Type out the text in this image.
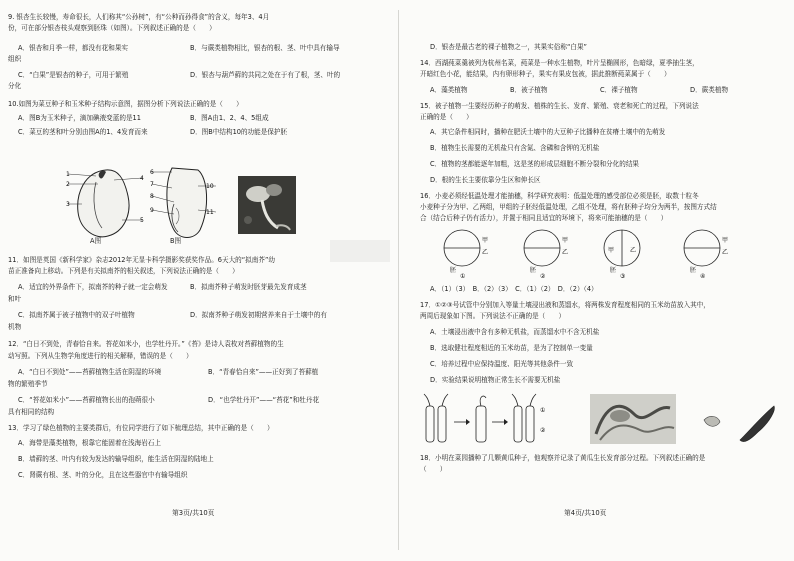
9. 银杏生长较慢，寿命很长，人们称其“公孙树”，有“公种而孙得食”的含义，每年3、4月
份，可在部分银杏枝头观察到胚珠（如图）。下列叙述正确的是（　　）
A．银杏和月季一样，都没有花和果实	B．与蕨类植物相比，银杏的根、茎、叶中具有输导
组织
C．“白果”是银杏的种子，可用于繁殖	D．银杏与葫芦藓的共同之处在于有了根，茎、叶的
分化
10.如图为菜豆种子和玉米种子结构示意图，据图分析下列说法正确的是（　　）
A．图B为玉米种子，滴加碘液变蓝的是11	B．图A由1、2、4、5组成
C．菜豆的茎和叶分别由图A的1、4发育而来	D．图B中结构10的功能是保护胚
1
2
3
4
5
A图
6
7
8
9
10
11
B图
11．如图是英国《新科学家》杂志2012年无显卡科学摄影奖获奖作品。6天大的“拟南芥”幼
苗正准备向上移动。下列是有关拟南芥的相关叙述，下列说法正确的是（　　）
A．适宜的外界条件下，拟南芥的种子就一定会萌发	B．拟南芥种子萌发时胚芽最先发育成茎
和叶
C．拟南芥属于被子植物中的双子叶植物	D．拟南芥种子萌发初期营养来自于土壤中的有
机物
12．“白日不到处，青春恰自来。苔花如米小，也学牡丹开。”《苔》是诗人袁枚对苔藓植物的生
动写照。下列从生物学角度进行的相关解释，错误的是（　　）
A．“白日不到处”——苔藓植物生活在阴湿的环境	B．“青春恰自来”——正好到了苔藓植
物的繁殖季节
C．“苔花如米小”——苔藓植物长出的孢蒴很小	D．“也学牡丹开”——“苔花”和牡丹花
具有相同的结构
13．学习了绿色植物的主要类群后，有位同学进行了如下梳理总结，其中正确的是（　　）
A．海带是藻类植物，根靠它能固着在浅海岩石上
B．墙藓的茎、叶内有较为发达的输导组织，能生活在阴湿的陆地上
C．肾蕨有根、茎、叶的分化，且在这些器官中有输导组织
第3页/共10页
D．银杏是最古老的裸子植物之一，其果实俗称“白果”
14．西湖莼菜羹被列为杭州名菜，莼菜是一种水生植物，叶片呈椭圆形，色暗绿，夏季抽生茎，
开暗红色小花，能结果，内有卵形种子，果实有果皮包被，据此推断莼菜属于（　　）
A．藻类植物	B．被子植物	C．裸子植物	D．蕨类植物
15．被子植物一生要经历种子的萌发、植株的生长、发育、繁殖、衰老和死亡的过程，下列说法
正确的是（　　）
A．其它条件相同时，播种在肥沃土壤中的大豆种子比播种在贫瘠土壤中的先萌发
B．植物生长需要的无机盐只有含氮、含磷和含钾的无机盐
C．植物的茎都能逐年加粗，这是茎的形成层细胞不断分裂和分化的结果
D．根的生长主要依靠分生区和伸长区
16．小麦必须经低温处理才能抽穗，科学研究表明：低温处理的感受部位必须是胚，取数十粒冬
小麦种子分为甲、乙两组，甲组的子胚经低温处理，乙组不处理，将有胚种子均分为两半，按图方式结
合（结合后种子仍有活力），并置于相同且适宜的环境下，将来可能抽穗的是（　　）
甲
乙
胚
①
甲
乙
胚
②
甲	乙
胚
③
甲
乙
胚
④
A．（1）（3）　B．（2）（3）　C．（1）（2）　D．（2）（4）
17．①②③号试管中分别加入等量土壤浸出液和蒸馏水，将两株发育程度相同的玉米幼苗放入其中，
两周后现象如下图。下列说法不正确的是（　　）
A．土壤浸出液中含有多种无机盐，而蒸馏水中不含无机盐
B．选取健壮程度相近的玉米幼苗，是为了控制单一变量
C．培养过程中应保持温度、阳光等其他条件一致
D．实验结果说明植物正常生长不需要无机盐
①
②
18．小明在菜园播种了几颗黄瓜种子，他观察并记录了黄瓜生长发育部分过程。下列叙述正确的是
（　　）
第4页/共10页
